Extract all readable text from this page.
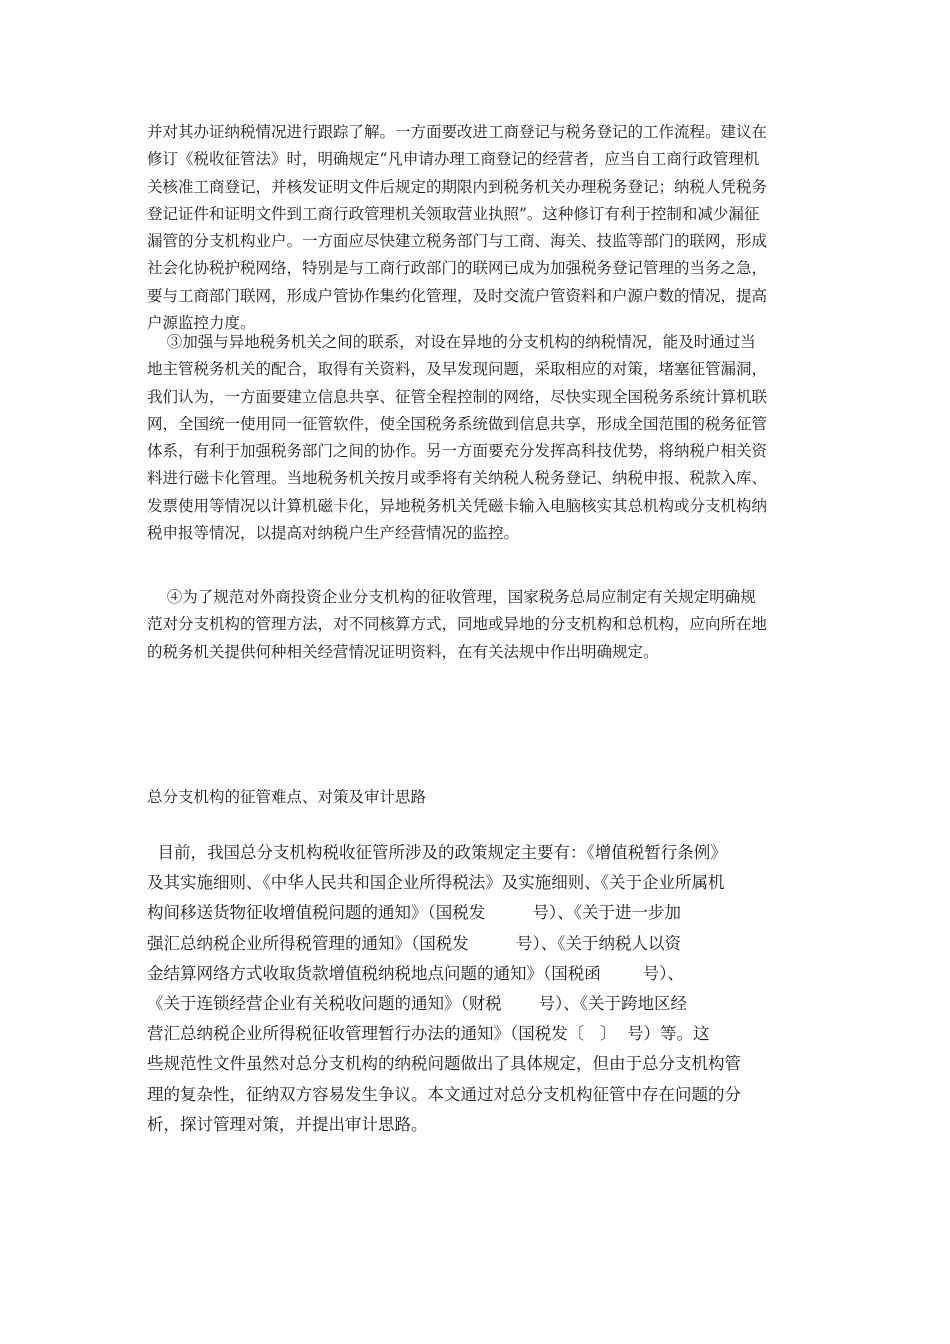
并对其办证纳税情况进行跟踪了解。一方面要改进工商登记与税务登记的工作流程。建议在
修订《税收征管法》时，明确规定“凡申请办理工商登记的经营者，应当自工商行政管理机
关核准工商登记，并核发证明文件后规定的期限内到税务机关办理税务登记；纳税人凭税务
登记证件和证明文件到工商行政管理机关领取营业执照”。这种修订有利于控制和减少漏征
漏管的分支机构业户。一方面应尽快建立税务部门与工商、海关、技监等部门的联网，形成
社会化协税护税网络，特别是与工商行政部门的联网已成为加强税务登记管理的当务之急，
要与工商部门联网，形成户管协作集约化管理，及时交流户管资料和户源户数的情况，提高
户源监控力度。
③加强与异地税务机关之间的联系，对设在异地的分支机构的纳税情况，能及时通过当
地主管税务机关的配合，取得有关资料，及早发现问题，采取相应的对策，堵塞征管漏洞，
我们认为，一方面要建立信息共享、征管全程控制的网络，尽快实现全国税务系统计算机联
网，全国统一使用同一征管软件，使全国税务系统做到信息共享，形成全国范围的税务征管
体系，有利于加强税务部门之间的协作。另一方面要充分发挥高科技优势，将纳税户相关资
料进行磁卡化管理。当地税务机关按月或季将有关纳税人税务登记、纳税申报、税款入库、
发票使用等情况以计算机磁卡化，异地税务机关凭磁卡输入电脑核实其总机构或分支机构纳
税申报等情况，以提高对纳税户生产经营情况的监控。
④为了规范对外商投资企业分支机构的征收管理，国家税务总局应制定有关规定明确规
范对分支机构的管理方法，对不同核算方式，同地或异地的分支机构和总机构，应向所在地
的税务机关提供何种相关经营情况证明资料，在有关法规中作出明确规定。
总分支机构的征管难点、对策及审计思路
目前，我国总分支机构税收征管所涉及的政策规定主要有：《增值税暂行条例》
及其实施细则、《中华人民共和国企业所得税法》及实施细则、《关于企业所属机
构间移送货物征收增值税问题的通知》（国税发         号）、《关于进一步加
强汇总纳税企业所得税管理的通知》（国税发         号）、《关于纳税人以资
金结算网络方式收取货款增值税纳税地点问题的通知》（国税函        号）、
《关于连锁经营企业有关税收问题的通知》（财税       号）、《关于跨地区经
营汇总纳税企业所得税征收管理暂行办法的通知》（国税发〔   〕  号）等。这
些规范性文件虽然对总分支机构的纳税问题做出了具体规定，但由于总分支机构管
理的复杂性，征纳双方容易发生争议。本文通过对总分支机构征管中存在问题的分
析，探讨管理对策，并提出审计思路。
